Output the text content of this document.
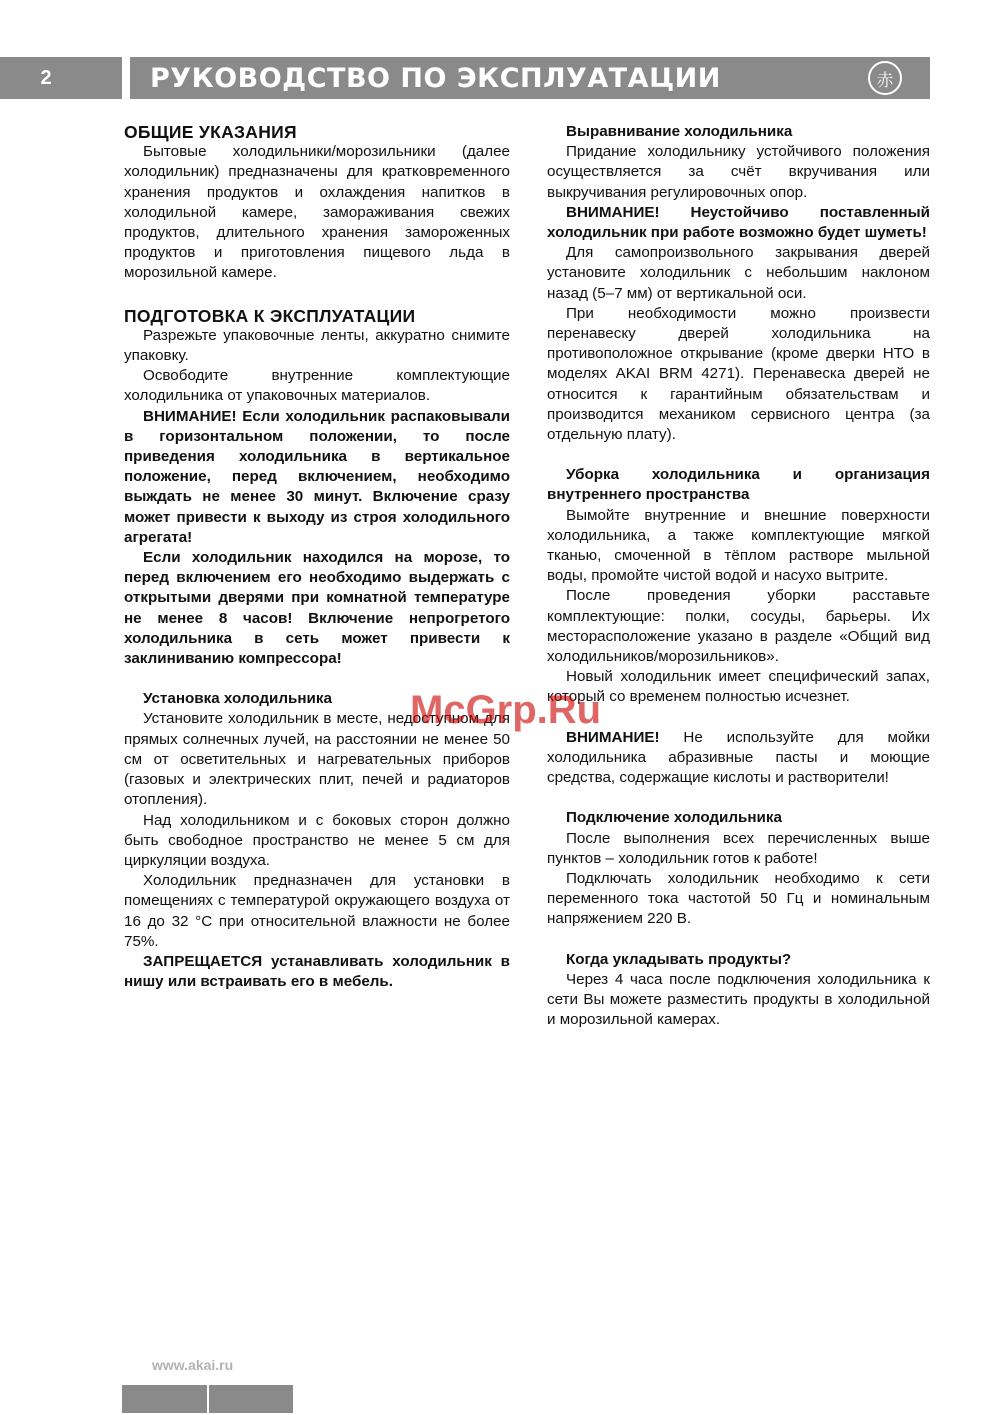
2	РУКОВОДСТВО ПО ЭКСПЛУАТАЦИИ	赤

ОБЩИЕ УКАЗАНИЯ

Бытовые холодильники/морозильники (далее холодильник) предназначены для кратковременного хранения продуктов и охлаждения напитков в холодильной камере, замораживания свежих продуктов, длительного хранения замороженных продуктов и приготовления пищевого льда в морозильной камере.

ПОДГОТОВКА К ЭКСПЛУАТАЦИИ

Разрежьте упаковочные ленты, аккуратно снимите упаковку.

Освободите внутренние комплектующие холодильника от упаковочных материалов.

ВНИМАНИЕ! Если холодильник распаковывали в горизонтальном положении, то после приведения холодильника в вертикальное положение, перед включением, необходимо выждать не менее 30 минут. Включение сразу может привести к выходу из строя холодильного агрегата!

Если холодильник находился на морозе, то перед включением его необходимо выдержать с открытыми дверями при комнатной температуре не менее 8 часов! Включение непрогретого холодильника в сеть может привести к заклиниванию компрессора!

Установка холодильника

Установите холодильник в месте, недоступном для прямых солнечных лучей, на расстоянии не менее 50 см от осветительных и нагревательных приборов (газовых и электрических плит, печей и радиаторов отопления).

Над холодильником и с боковых сторон должно быть свободное пространство не менее 5 см для циркуляции воздуха.

Холодильник предназначен для установки в помещениях с температурой окружающего воздуха от 16 до 32 °С при относительной влажности не более 75%.

ЗАПРЕЩАЕТСЯ устанавливать холодильник в нишу или встраивать его в мебель.

Выравнивание холодильника

Придание холодильнику устойчивого положения осуществляется за счёт вкручивания или выкручивания регулировочных опор.

ВНИМАНИЕ! Неустойчиво поставленный холодильник при работе возможно будет шуметь!

Для самопроизвольного закрывания дверей установите холодильник с небольшим наклоном назад (5–7 мм) от вертикальной оси.

При необходимости можно произвести перенавеску дверей холодильника на противоположное открывание (кроме дверки НТО в моделях AKAI BRM 4271). Перенавеска дверей не относится к гарантийным обязательствам и производится механиком сервисного центра (за отдельную плату).

Уборка холодильника и организация внутреннего пространства

Вымойте внутренние и внешние поверхности холодильника, а также комплектующие мягкой тканью, смоченной в тёплом растворе мыльной воды, промойте чистой водой и насухо вытрите.

После проведения уборки расставьте комплектующие: полки, сосуды, барьеры. Их месторасположение указано в разделе «Общий вид холодильников/морозильников».

Новый холодильник имеет специфический запах, который со временем полностью исчезнет.

ВНИМАНИЕ! Не используйте для мойки холодильника абразивные пасты и моющие средства, содержащие кислоты и растворители!

Подключение холодильника

После выполнения всех перечисленных выше пунктов – холодильник готов к работе!

Подключать холодильник необходимо к сети переменного тока частотой 50 Гц и номинальным напряжением 220 В.

Когда укладывать продукты?

Через 4 часа после подключения холодильника к сети Вы можете разместить продукты в холодильной и морозильной камерах.

McGrp.Ru
www.akai.ru
